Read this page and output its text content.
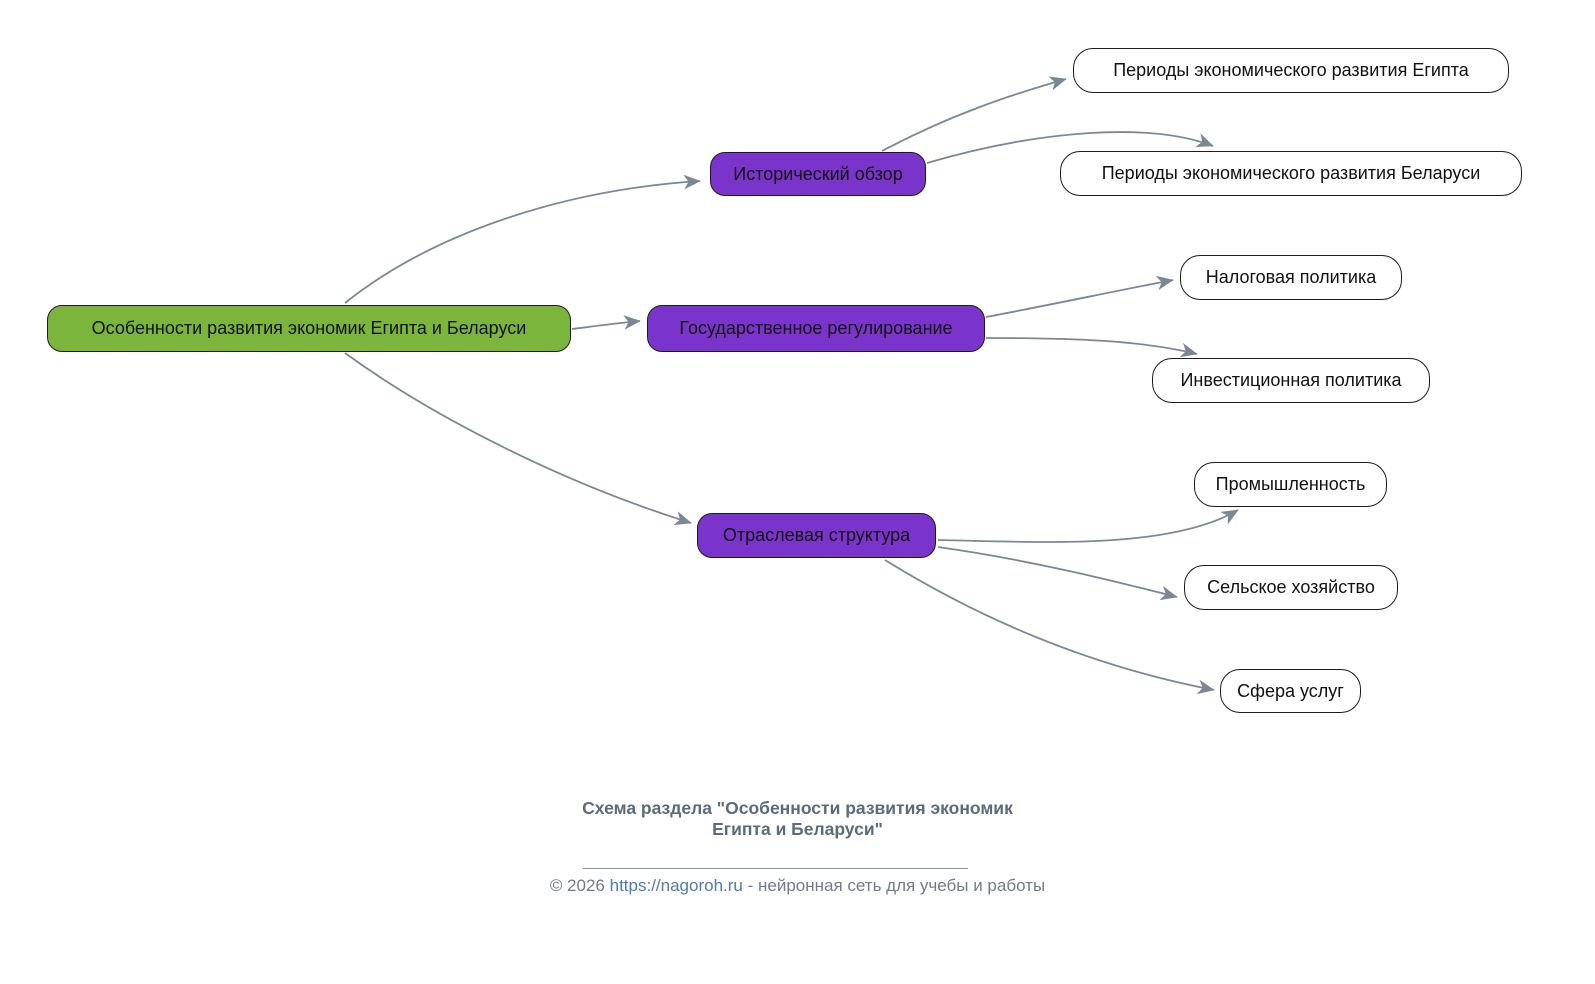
Особенности развития экономик Египта и Беларуси
Исторический обзор
Государственное регулирование
Отраслевая структура
Периоды экономического развития Египта
Периоды экономического развития Беларуси
Налоговая политика
Инвестиционная политика
Промышленность
Сельское хозяйство
Сфера услуг
Схема раздела "Особенности развития экономик
Египта и Беларуси"
© 2026 https://nagoroh.ru - нейронная сеть для учебы и работы
